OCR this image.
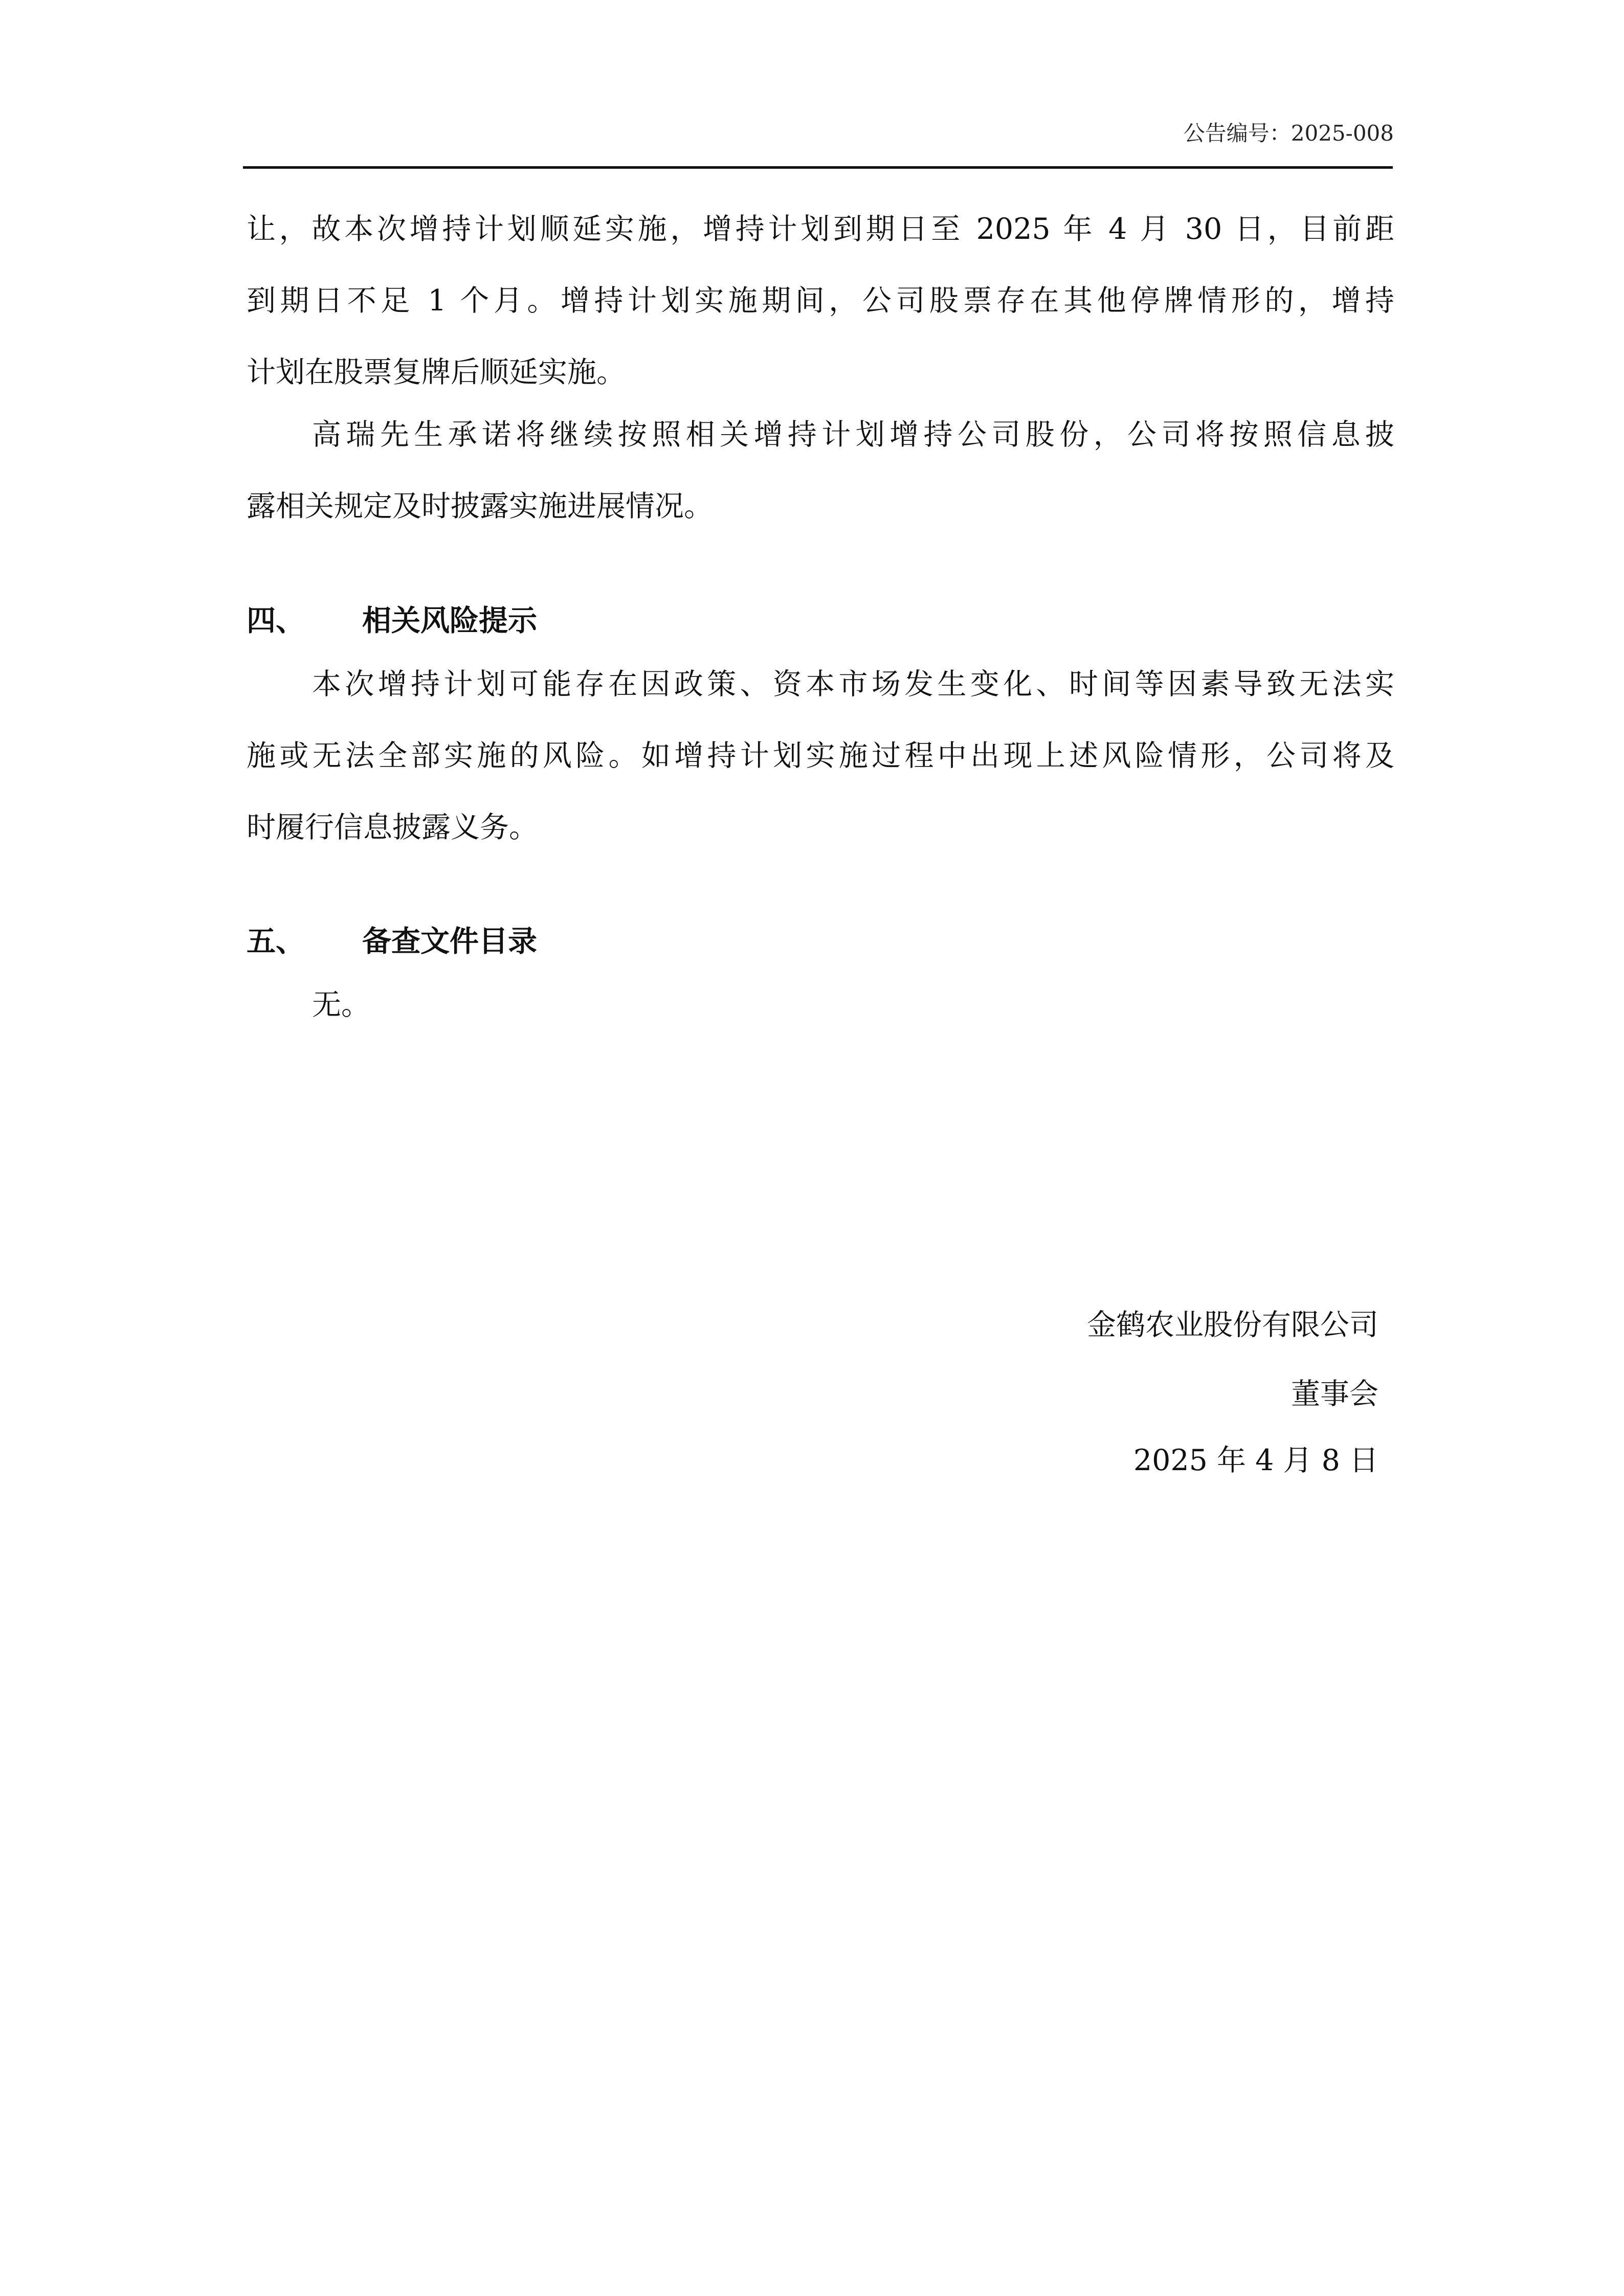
公告编号：2025-008
让，故本次增持计划顺延实施，增持计划到期日至 2025 年 4 月 30 日，目前距
到期日不足 1 个月。增持计划实施期间，公司股票存在其他停牌情形的，增持
计划在股票复牌后顺延实施。
高瑞先生承诺将继续按照相关增持计划增持公司股份，公司将按照信息披
露相关规定及时披露实施进展情况。
四、 相关风险提示
本次增持计划可能存在因政策、资本市场发生变化、时间等因素导致无法实
施或无法全部实施的风险。如增持计划实施过程中出现上述风险情形，公司将及
时履行信息披露义务。
五、 备查文件目录
无。
金鹤农业股份有限公司
董事会
2025 年 4 月 8 日
